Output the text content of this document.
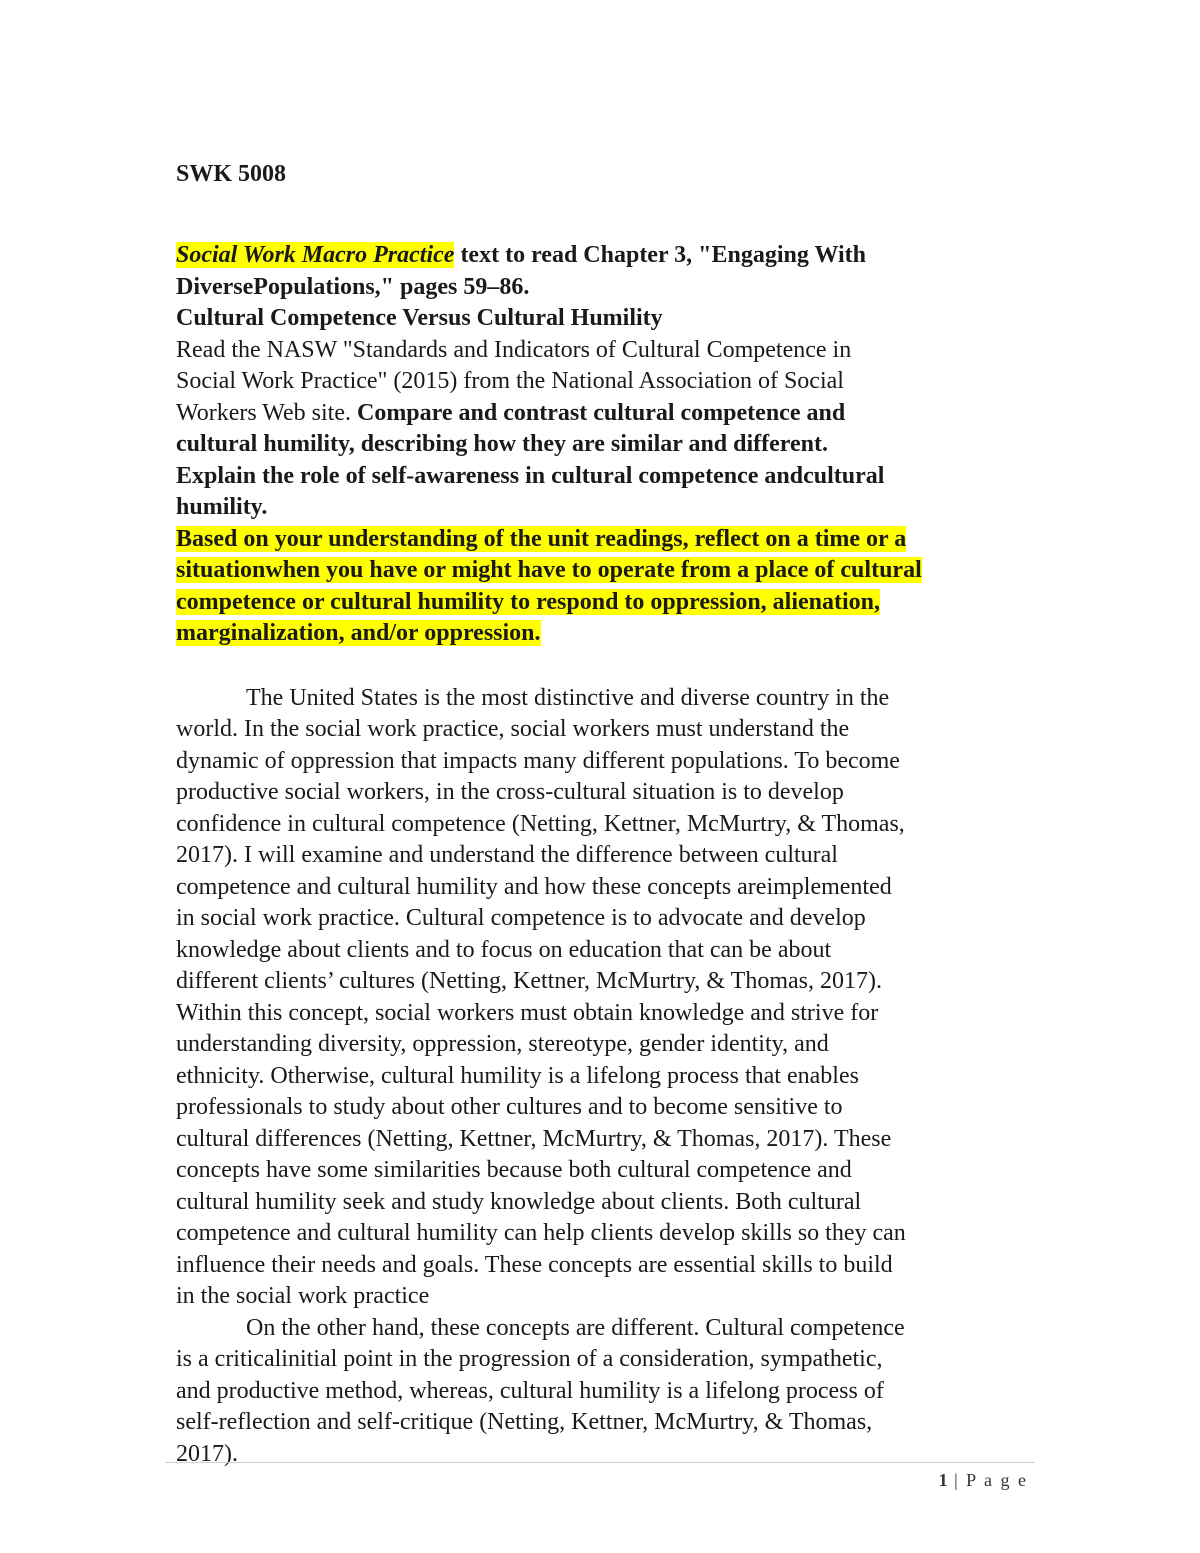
SWK 5008
Social Work Macro Practice text to read Chapter 3, "Engaging With
DiversePopulations," pages 59–86.
Cultural Competence Versus Cultural Humility
Read the NASW "Standards and Indicators of Cultural Competence in
Social Work Practice" (2015) from the National Association of Social
Workers Web site. Compare and contrast cultural competence and
cultural humility, describing how they are similar and different.
Explain the role of self-awareness in cultural competence andcultural
humility.
Based on your understanding of the unit readings, reflect on a time or a
situationwhen you have or might have to operate from a place of cultural
competence or cultural humility to respond to oppression, alienation,
marginalization, and/or oppression.
The United States is the most distinctive and diverse country in the
world. In the social work practice, social workers must understand the
dynamic of oppression that impacts many different populations. To become
productive social workers, in the cross-cultural situation is to develop
confidence in cultural competence (Netting, Kettner, McMurtry, & Thomas,
2017). I will examine and understand the difference between cultural
competence and cultural humility and how these concepts areimplemented
in social work practice. Cultural competence is to advocate and develop
knowledge about clients and to focus on education that can be about
different clients’ cultures (Netting, Kettner, McMurtry, & Thomas, 2017).
Within this concept, social workers must obtain knowledge and strive for
understanding diversity, oppression, stereotype, gender identity, and
ethnicity. Otherwise, cultural humility is a lifelong process that enables
professionals to study about other cultures and to become sensitive to
cultural differences (Netting, Kettner, McMurtry, & Thomas, 2017). These
concepts have some similarities because both cultural competence and
cultural humility seek and study knowledge about clients. Both cultural
competence and cultural humility can help clients develop skills so they can
influence their needs and goals. These concepts are essential skills to build
in the social work practice
On the other hand, these concepts are different. Cultural competence
is a criticalinitial point in the progression of a consideration, sympathetic,
and productive method, whereas, cultural humility is a lifelong process of
self-reflection and self-critique (Netting, Kettner, McMurtry, & Thomas,
2017).
1 | P a g e
